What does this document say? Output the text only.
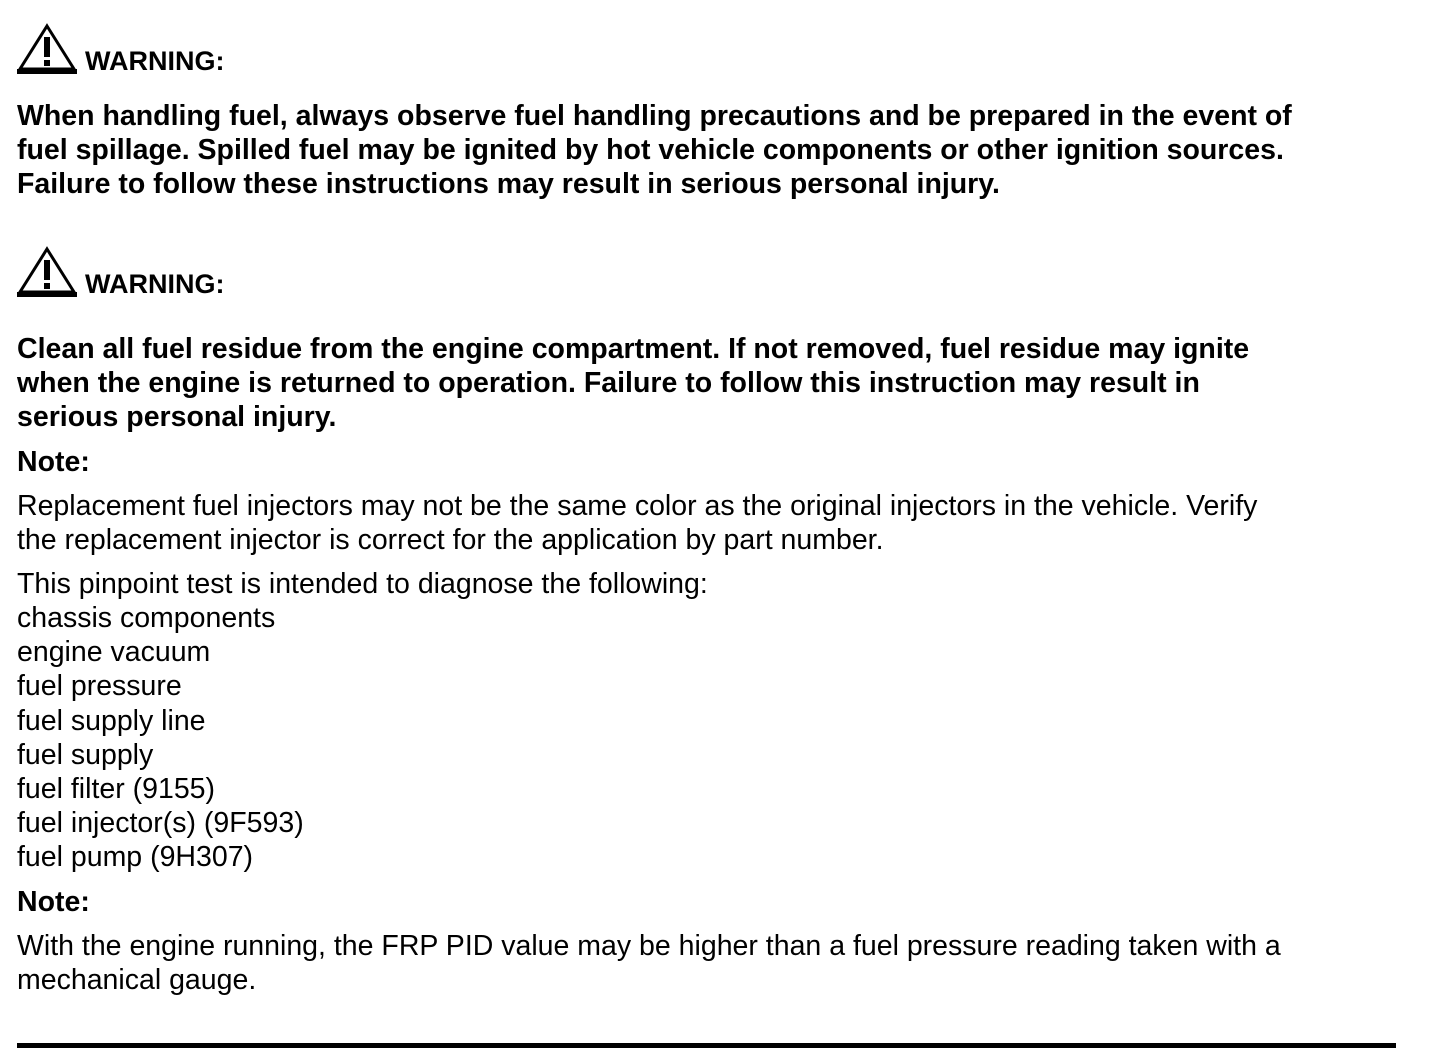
WARNING:
When handling fuel, always observe fuel handling precautions and be prepared in the event of
fuel spillage. Spilled fuel may be ignited by hot vehicle components or other ignition sources.
Failure to follow these instructions may result in serious personal injury.
WARNING:
Clean all fuel residue from the engine compartment. If not removed, fuel residue may ignite
when the engine is returned to operation. Failure to follow this instruction may result in
serious personal injury.
Note:
Replacement fuel injectors may not be the same color as the original injectors in the vehicle. Verify
the replacement injector is correct for the application by part number.
This pinpoint test is intended to diagnose the following:
chassis components
engine vacuum
fuel pressure
fuel supply line
fuel supply
fuel filter (9155)
fuel injector(s) (9F593)
fuel pump (9H307)
Note:
With the engine running, the FRP PID value may be higher than a fuel pressure reading taken with a
mechanical gauge.
